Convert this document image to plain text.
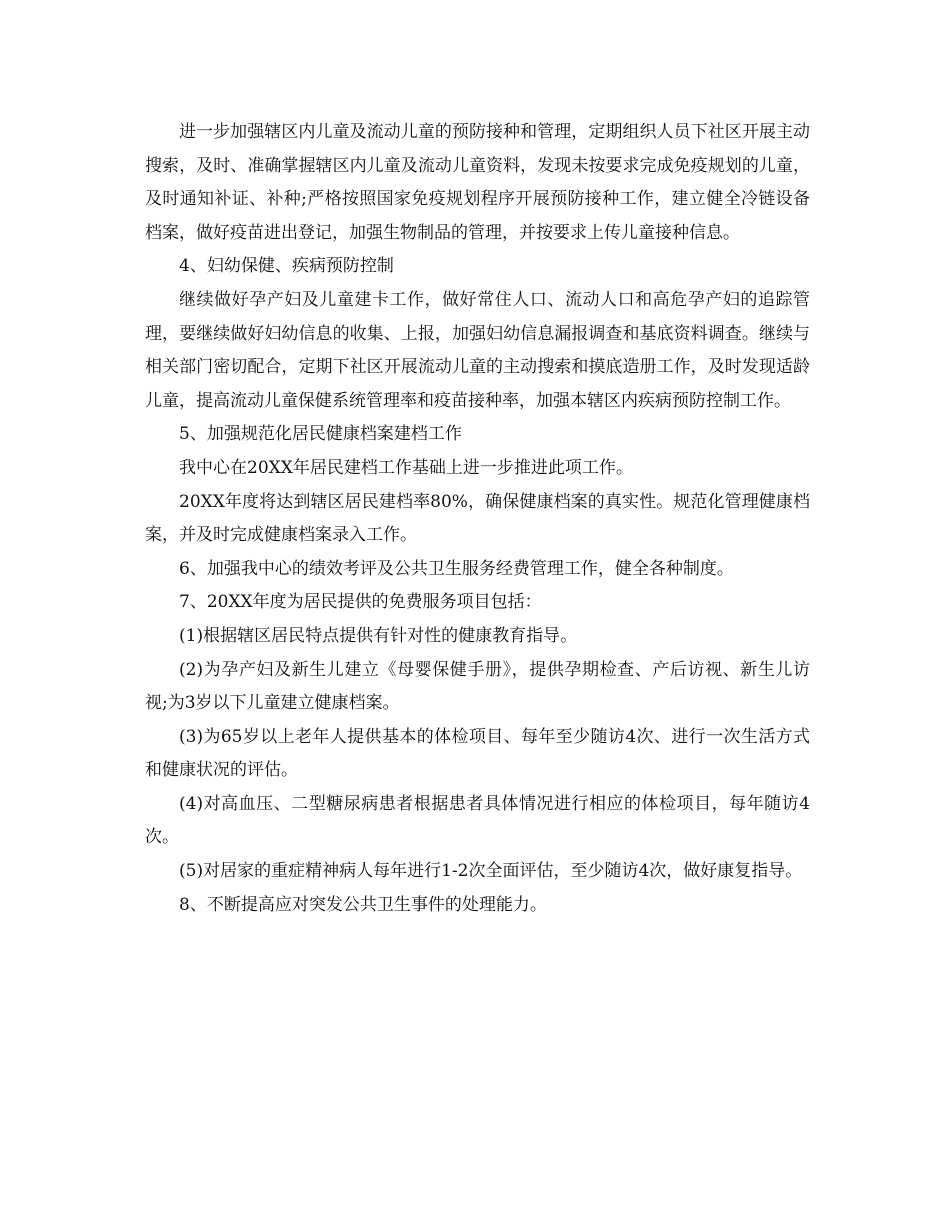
进一步加强辖区内儿童及流动儿童的预防接种和管理，定期组织人员下社区开展主动搜索，及时、准确掌握辖区内儿童及流动儿童资料，发现未按要求完成免疫规划的儿童，及时通知补证、补种;严格按照国家免疫规划程序开展预防接种工作，建立健全冷链设备档案，做好疫苗进出登记，加强生物制品的管理，并按要求上传儿童接种信息。

4、妇幼保健、疾病预防控制

继续做好孕产妇及儿童建卡工作，做好常住人口、流动人口和高危孕产妇的追踪管理，要继续做好妇幼信息的收集、上报，加强妇幼信息漏报调查和基底资料调查。继续与相关部门密切配合，定期下社区开展流动儿童的主动搜索和摸底造册工作，及时发现适龄儿童，提高流动儿童保健系统管理率和疫苗接种率，加强本辖区内疾病预防控制工作。

5、加强规范化居民健康档案建档工作

我中心在20XX年居民建档工作基础上进一步推进此项工作。

20XX年度将达到辖区居民建档率80%，确保健康档案的真实性。规范化管理健康档案，并及时完成健康档案录入工作。

6、加强我中心的绩效考评及公共卫生服务经费管理工作，健全各种制度。

7、20XX年度为居民提供的免费服务项目包括：

(1)根据辖区居民特点提供有针对性的健康教育指导。

(2)为孕产妇及新生儿建立《母婴保健手册》，提供孕期检查、产后访视、新生儿访视;为3岁以下儿童建立健康档案。

(3)为65岁以上老年人提供基本的体检项目、每年至少随访4次、进行一次生活方式和健康状况的评估。

(4)对高血压、二型糖尿病患者根据患者具体情况进行相应的体检项目，每年随访4次。

(5)对居家的重症精神病人每年进行1-2次全面评估，至少随访4次，做好康复指导。

8、不断提高应对突发公共卫生事件的处理能力。
